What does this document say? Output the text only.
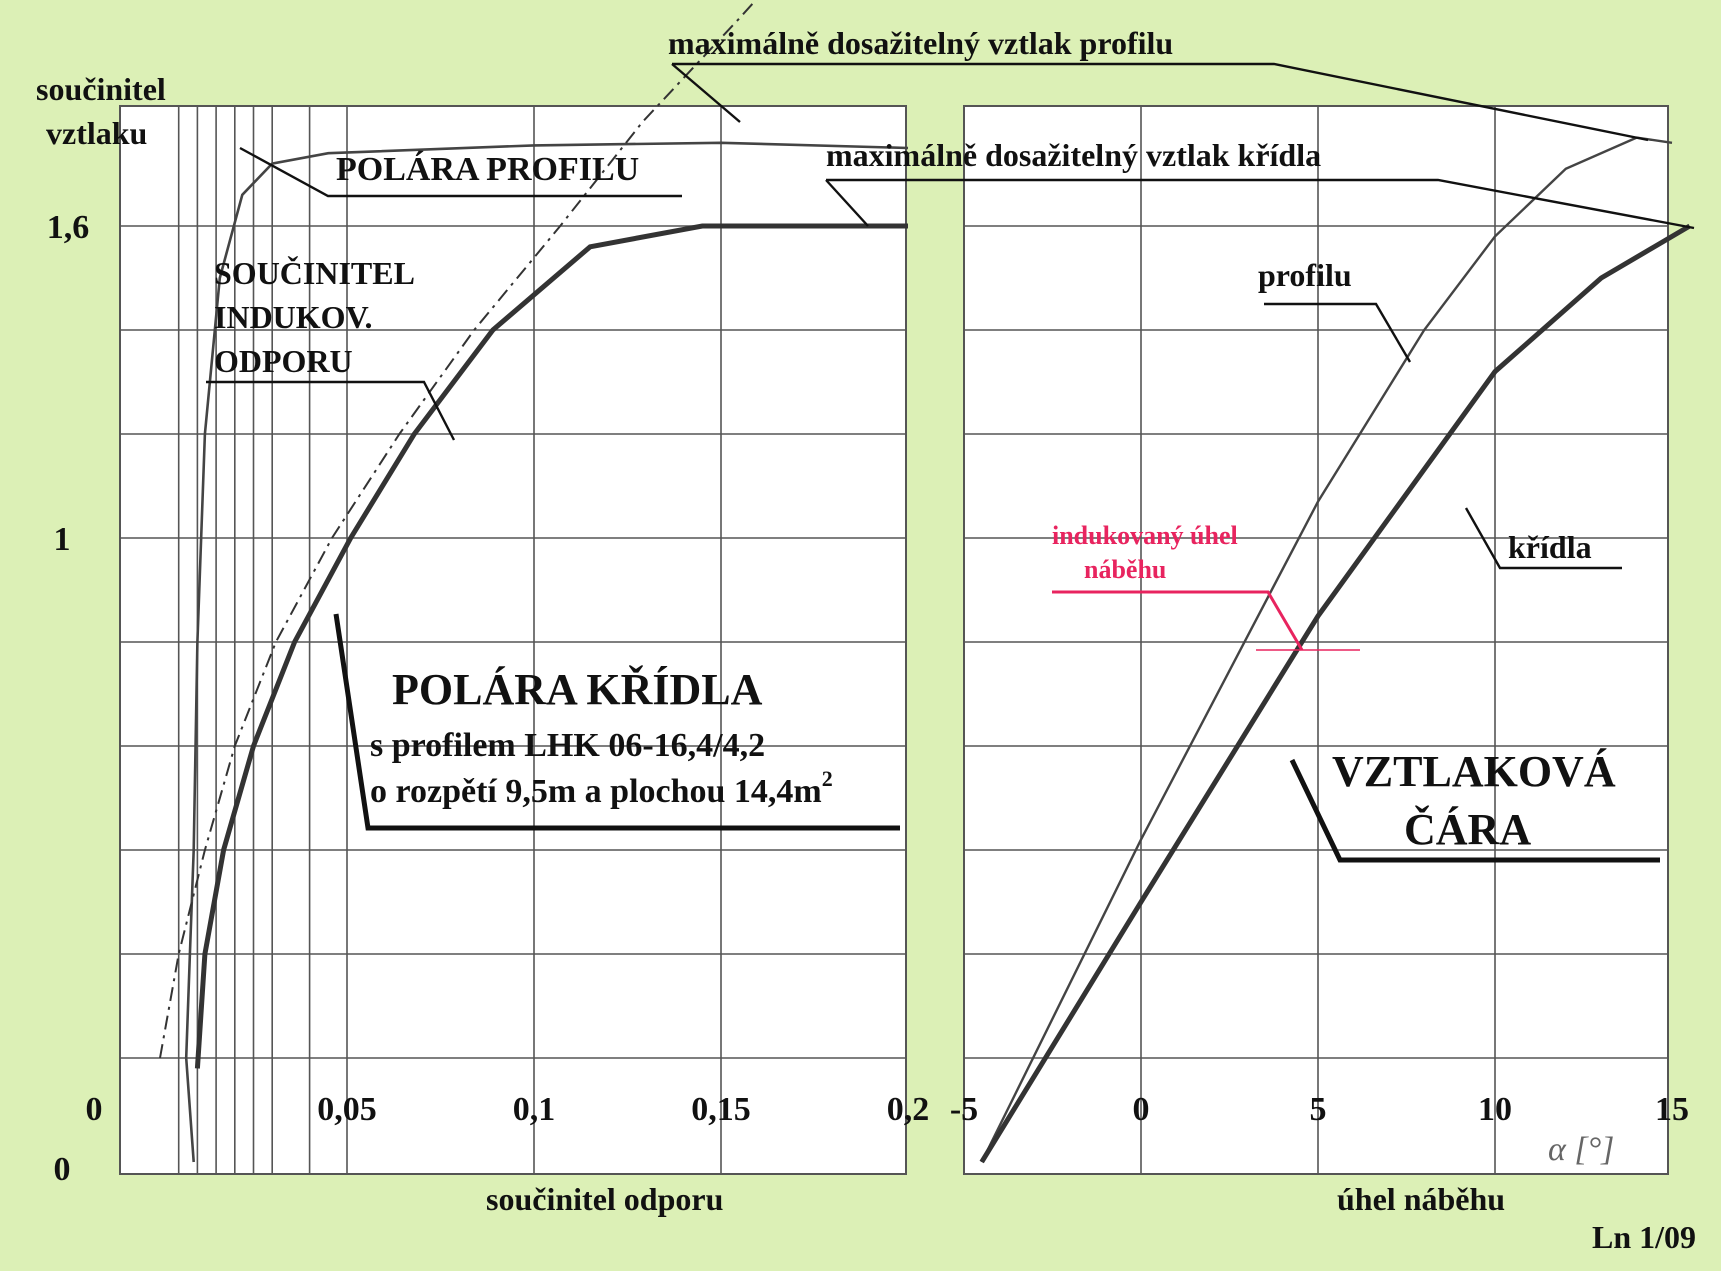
0	0,05	0,1	0,15	0,2
1,6
1
0
-5	0	5	10	15
součinitel
vztlaku
součinitel odporu	úhel náběhu
α [°]
Ln 1/09
maximálně dosažitelný vztlak profilu
POLÁRA PROFILU	maximálně dosažitelný vztlak křídla
SOUČINITEL
INDUKOV.
ODPORU
POLÁRA KŘÍDLA
s profilem LHK 06-16,4/4,2
o rozpětí 9,5m a plochou $14,4m^2$
profilu
křídla
indukovaný úhel
náběhu
VZTLAKOVÁ
ČÁRA
